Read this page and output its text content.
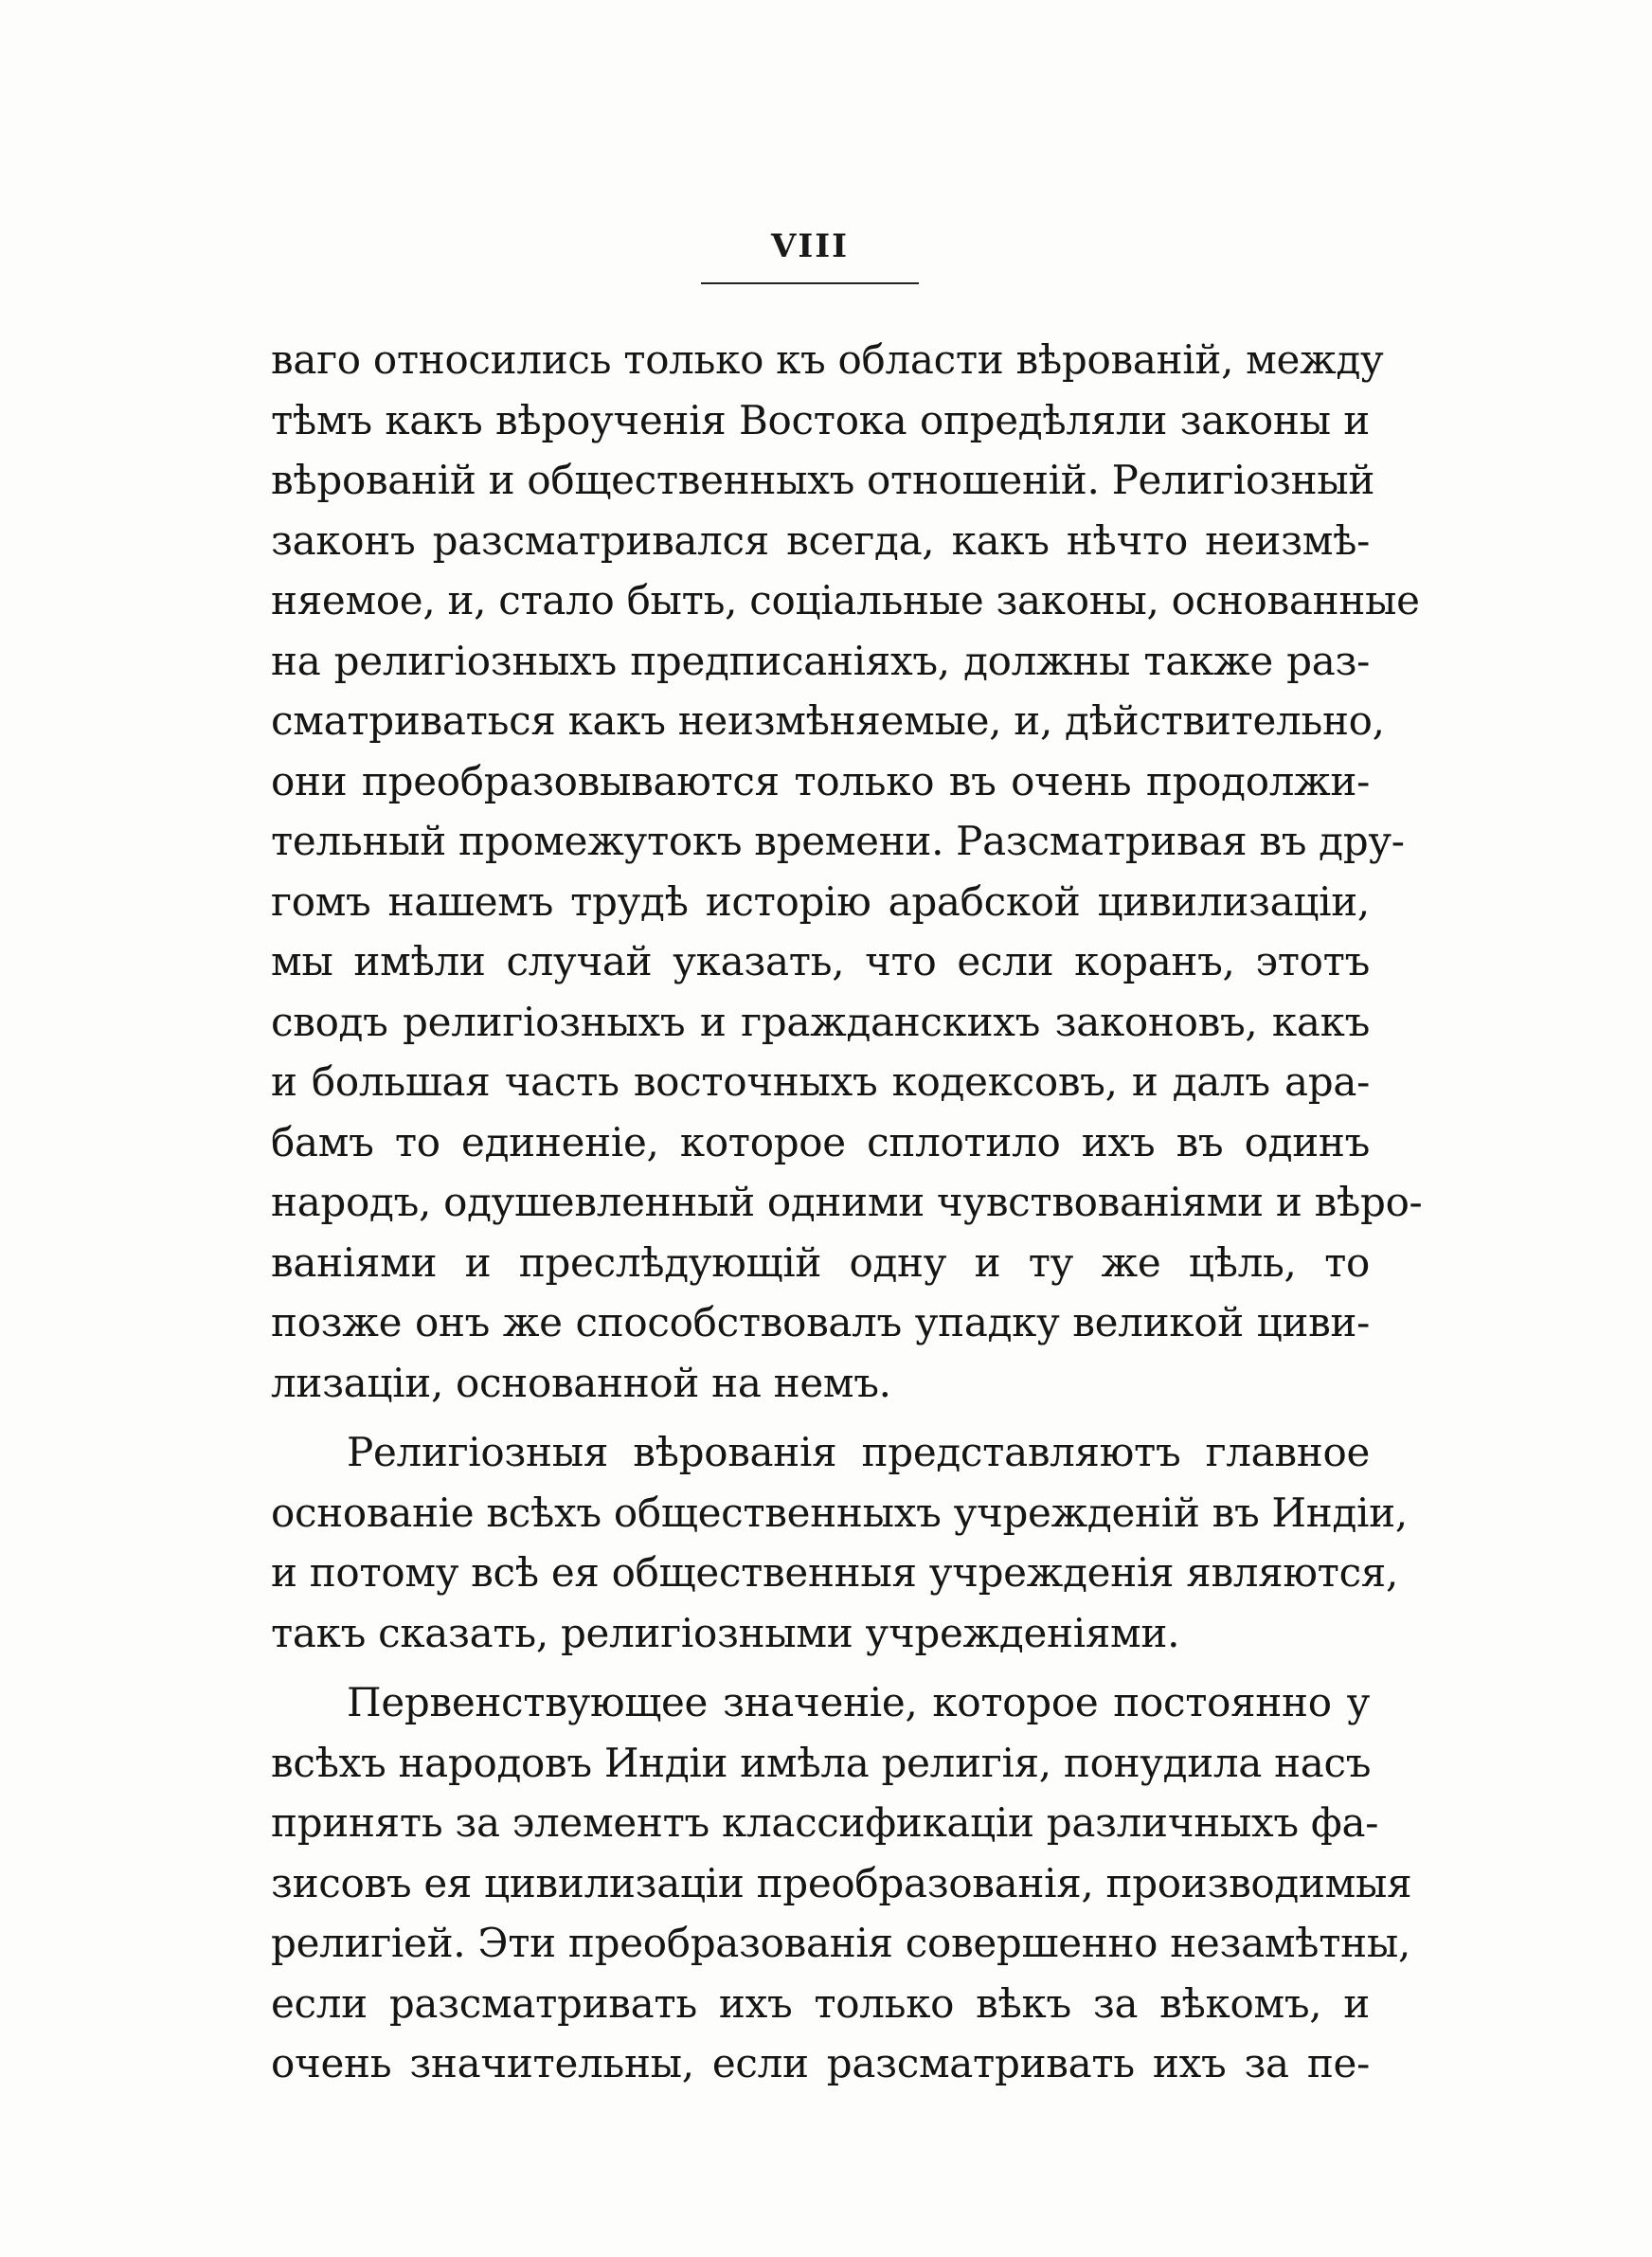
VIII
ваго относились только къ области вѣрованій, между
тѣмъ какъ вѣроученія Востока опредѣляли законы и
вѣрованій и общественныхъ отношеній. Религіозный
законъ разсматривался всегда, какъ нѣчто неизмѣ-
няемое, и, стало быть, соціальные законы, основанные
на религіозныхъ предписаніяхъ, должны также раз-
сматриваться какъ неизмѣняемые, и, дѣйствительно,
они преобразовываются только въ очень продолжи-
тельный промежутокъ времени. Разсматривая въ дру-
гомъ нашемъ трудѣ исторію арабской цивилизаціи,
мы имѣли случай указать, что если коранъ, этотъ
сводъ религіозныхъ и гражданскихъ законовъ, какъ
и большая часть восточныхъ кодексовъ, и далъ ара-
бамъ то единеніе, которое сплотило ихъ въ одинъ
народъ, одушевленный одними чувствованіями и вѣро-
ваніями и преслѣдующій одну и ту же цѣль, то
позже онъ же способствовалъ упадку великой циви-
лизаціи, основанной на немъ.
Религіозныя вѣрованія представляютъ главное
основаніе всѣхъ общественныхъ учрежденій въ Индіи,
и потому всѣ ея общественныя учрежденія являются,
такъ сказать, религіозными учрежденіями.
Первенствующее значеніе, которое постоянно у
всѣхъ народовъ Индіи имѣла религія, понудила насъ
принять за элементъ классификаціи различныхъ фа-
зисовъ ея цивилизаціи преобразованія, производимыя
религіей. Эти преобразованія совершенно незамѣтны,
если разсматривать ихъ только вѣкъ за вѣкомъ, и
очень значительны, если разсматривать ихъ за пе-
